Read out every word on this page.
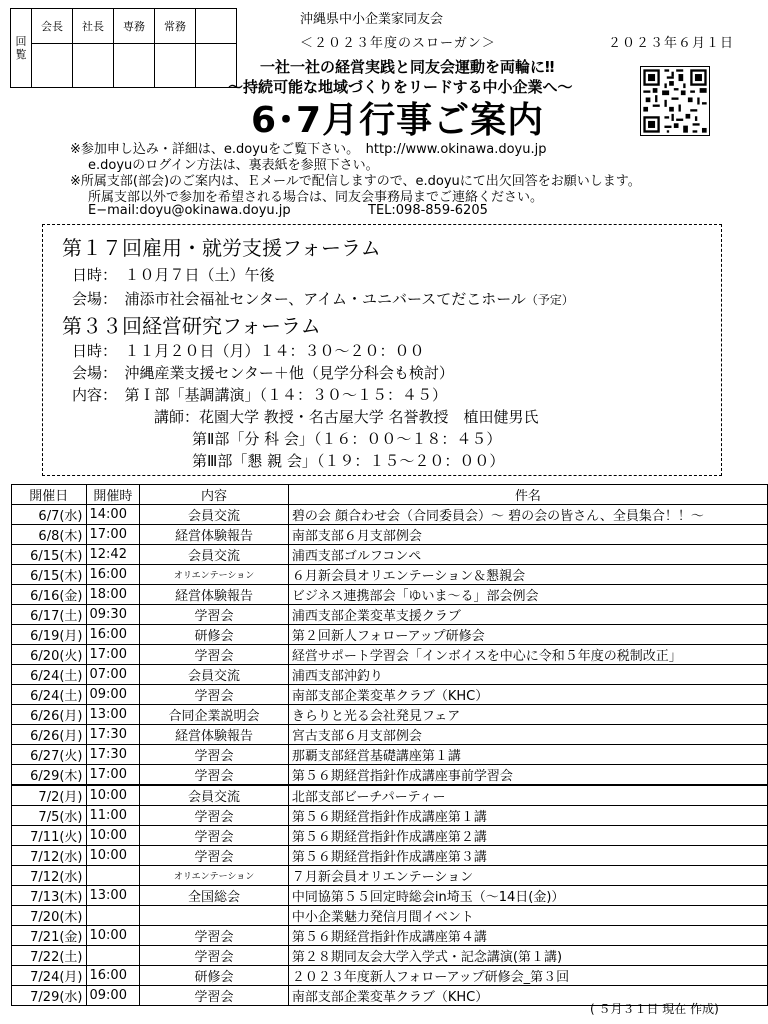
回覧	会長	社長	専務	常務	
					沖縄県中小企業家同友会
＜２０２３年度のスローガン＞	２０２３年６月１日
一社一社の経営実践と同友会運動を両輪に‼
〜持続可能な地域づくりをリードする中小企業へ〜
6･7月行事ご案内
※参加申し込み・詳細は、e.doyuをご覧下さい。　http://www.okinawa.doyu.jp
e.doyuのログイン方法は、裏表紙を参照下さい。
※所属支部(部会)のご案内は、Ｅメールで配信しますので、e.doyuにて出欠回答をお願いします。
所属支部以外で参加を希望される場合は、同友会事務局までご連絡ください。
E−mail:doyu@okinawa.doyu.jp	TEL:098-859-6205
第１７回雇用・就労支援フォーラム
日時：　１０月７日（土）午後
会場：　浦添市社会福祉センター、アイム・ユニバースてだこホール（予定）
第３３回経営研究フォーラム
日時：　１１月２０日（月）１４：３０〜２０：００
会場：　沖縄産業支援センター＋他（見学分科会も検討）
内容：　第Ｉ部「基調講演」（１４：３０〜１５：４５）
講師：花園大学 教授・名古屋大学 名誉教授　植田健男氏
第Ⅱ部「分 科 会」（１６：００〜１８：４５）
第Ⅲ部「懇 親 会」（１９：１５〜２０：００）
開催日	開催時	内容	件名
6/7(水)	14:00	会員交流	碧の会 顔合わせ会（合同委員会）〜 碧の会の皆さん、全員集合！！〜
6/8(木)	17:00	経営体験報告	南部支部６月支部例会
6/15(木)	12:42	会員交流	浦西支部ゴルフコンペ
6/15(木)	16:00	オリエンテーション	６月新会員オリエンテーション＆懇親会
6/16(金)	18:00	経営体験報告	ビジネス連携部会「ゆいま〜る」部会例会
6/17(土)	09:30	学習会	浦西支部企業変革支援クラブ
6/19(月)	16:00	研修会	第２回新人フォローアップ研修会
6/20(火)	17:00	学習会	経営サポート学習会「インボイスを中心に令和５年度の税制改正」
6/24(土)	07:00	会員交流	浦西支部沖釣り
6/24(土)	09:00	学習会	南部支部企業変革クラブ（KHC）
6/26(月)	13:00	合同企業説明会	きらりと光る会社発見フェア
6/26(月)	17:30	経営体験報告	宮古支部６月支部例会
6/27(火)	17:30	学習会	那覇支部経営基礎講座第１講
6/29(木)	17:00	学習会	第５６期経営指針作成講座事前学習会
7/2(月)	10:00	会員交流	北部支部ビーチパーティー
7/5(水)	11:00	学習会	第５６期経営指針作成講座第１講
7/11(火)	10:00	学習会	第５６期経営指針作成講座第２講
7/12(水)	10:00	学習会	第５６期経営指針作成講座第３講
7/12(水)		オリエンテーション	７月新会員オリエンテーション
7/13(木)	13:00	全国総会	中同協第５５回定時総会in埼玉（〜14日(金)）
7/20(木)			中小企業魅力発信月間イベント
7/21(金)	10:00	学習会	第５６期経営指針作成講座第４講
7/22(土)		学習会	第２８期同友会大学入学式・記念講演(第１講)
7/24(月)	16:00	研修会	２０２３年度新人フォローアップ研修会_第３回
7/29(水)	09:00	学習会	南部支部企業変革クラブ（KHC）
( ５月３１日 現在 作成)
